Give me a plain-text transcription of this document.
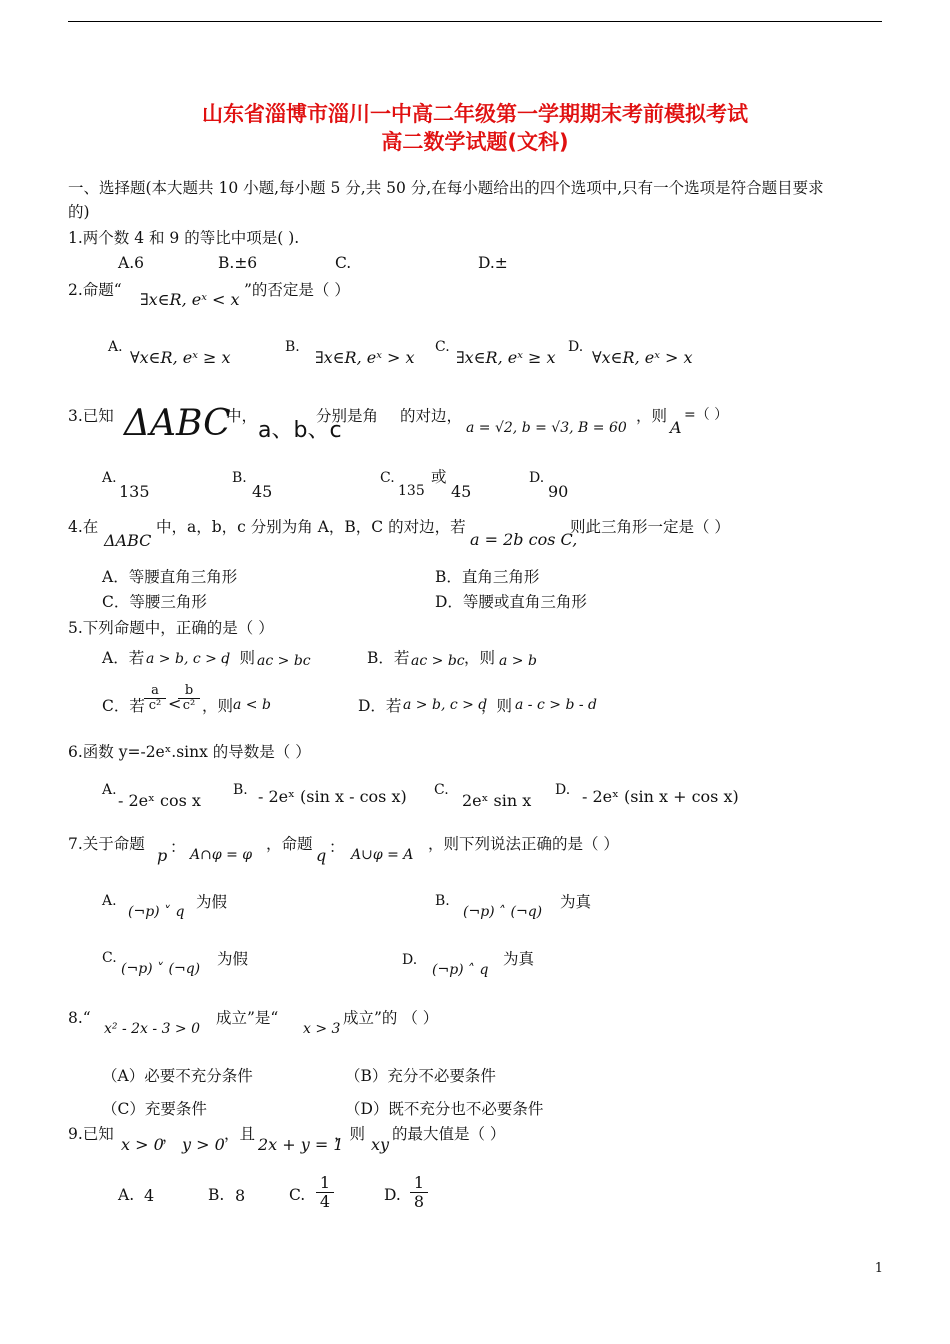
山东省淄博市淄川一中高二年级第一学期期末考前模拟考试
高二数学试题(文科)
一、选择题(本大题共 10 小题,每小题 5 分,共 50 分,在每小题给出的四个选项中,只有一个选项是符合题目要求
的)
1.两个数 4 和 9 的等比中项是( ).
A.6	B.±6	C.	D.±
2.命题“ ∃x∈R, eˣ < x ”的否定是（ ）
A.
∀x∈R, eˣ ≥ x
B.
∃x∈R, eˣ > x
C.
∃x∈R, eˣ ≥ x
D.
∀x∈R, eˣ > x
3.已知 ΔABC
中，
a、b、c
分别是角 的对边，
a = √2, b = √3, B = 60
，则
A
=（ ）
A.
135
B.
45
C.
135
或
45
D.
90
4.在
ΔABC
中，a，b，c 分别为角 A，B，C 的对边，若
a = 2b cos C,
则此三角形一定是（ ）
A．等腰直角三角形	B．直角三角形
C．等腰三角形	D．等腰或直角三角形
5.下列命题中，正确的是（ ）
A．若 a > b, c > d
，则 ac > bc	B．若 ac > bc ，则 a > b
C．若 $\frac{a}{\text{c²}}$ <
$\frac{b}{\text{c²}}$ ，则 a < b	D．若 a > b, c > d
，则 a - c > b - d
6.函数 y=-2eˣ.sinx 的导数是（ ）
A.
- 2eˣ cos x
B. - 2eˣ (sin x - cos x) C.
2eˣ sin x
D. - 2eˣ (sin x + cos x)
7.关于命题
p ： A∩φ = φ
，命题
q ： A∪φ = A
，则下列说法正确的是（ ）
A.
(¬p) ˅ q
为假	B.
(¬p) ˄ (¬q)
为真
C.
(¬p) ˅ (¬q)
为假	D.
(¬p) ˄ q
为真
8.“
x² - 2x - 3 > 0
成立”是“
x > 3
成立”的 （ ）
（A）必要不充分条件	（B）充分不必要条件
（C）充要条件	（D）既不充分也不必要条件
9.已知
x > 0
， y > 0
，且
2x + y = 1
，则
xy
的最大值是（ ）
A. 4	B. 8	C. $\frac{1}{4}$	D. $\frac{1}{8}$
1
